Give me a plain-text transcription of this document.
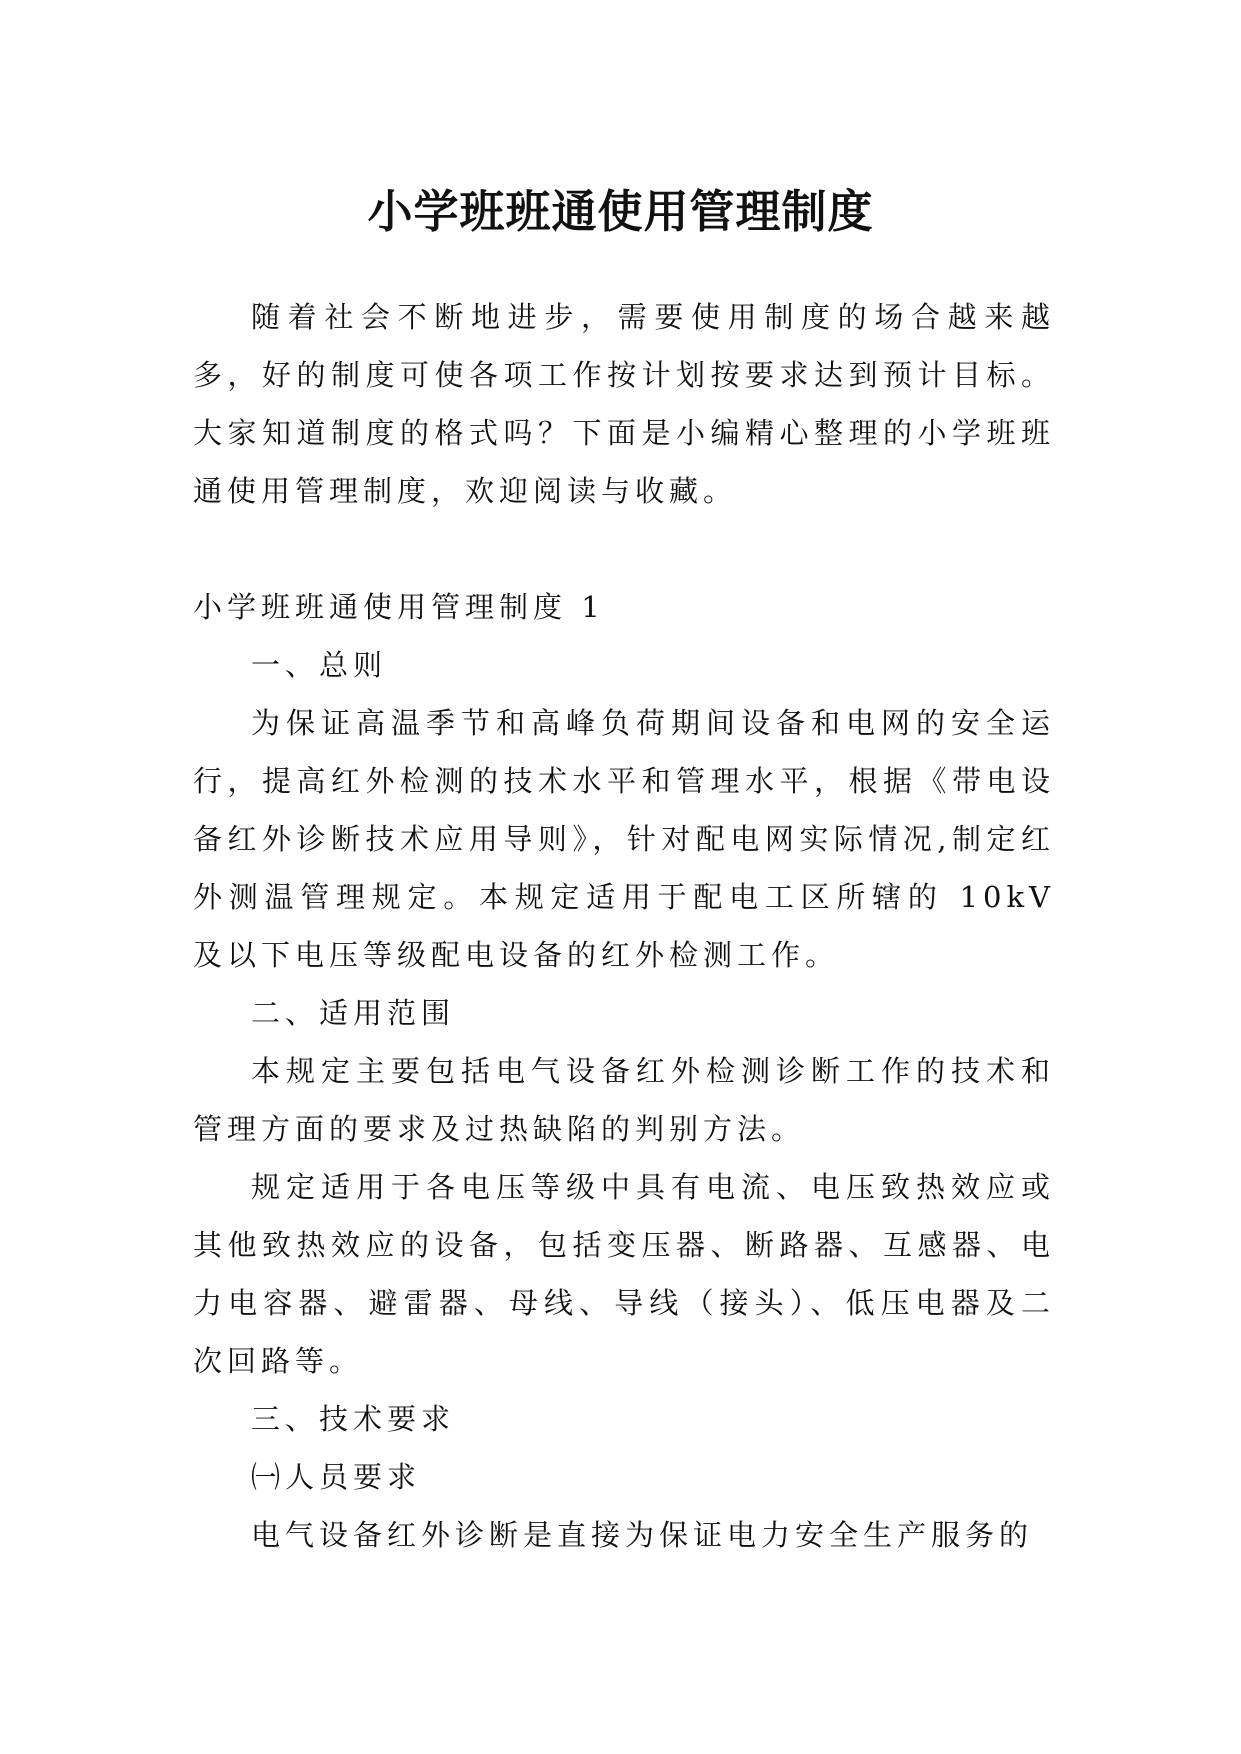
小学班班通使用管理制度

随着社会不断地进步，需要使用制度的场合越来越多，好的制度可使各项工作按计划按要求达到预计目标。大家知道制度的格式吗？下面是小编精心整理的小学班班通使用管理制度，欢迎阅读与收藏。

小学班班通使用管理制度 1

一、总则

为保证高温季节和高峰负荷期间设备和电网的安全运行，提高红外检测的技术水平和管理水平，根据《带电设备红外诊断技术应用导则》，针对配电网实际情况,制定红外测温管理规定。本规定适用于配电工区所辖的 10kV 及以下电压等级配电设备的红外检测工作。

二、适用范围

本规定主要包括电气设备红外检测诊断工作的技术和管理方面的要求及过热缺陷的判别方法。

规定适用于各电压等级中具有电流、电压致热效应或其他致热效应的设备，包括变压器、断路器、互感器、电力电容器、避雷器、母线、导线（接头）、低压电器及二次回路等。

三、技术要求

㈠人员要求

电气设备红外诊断是直接为保证电力安全生产服务的
